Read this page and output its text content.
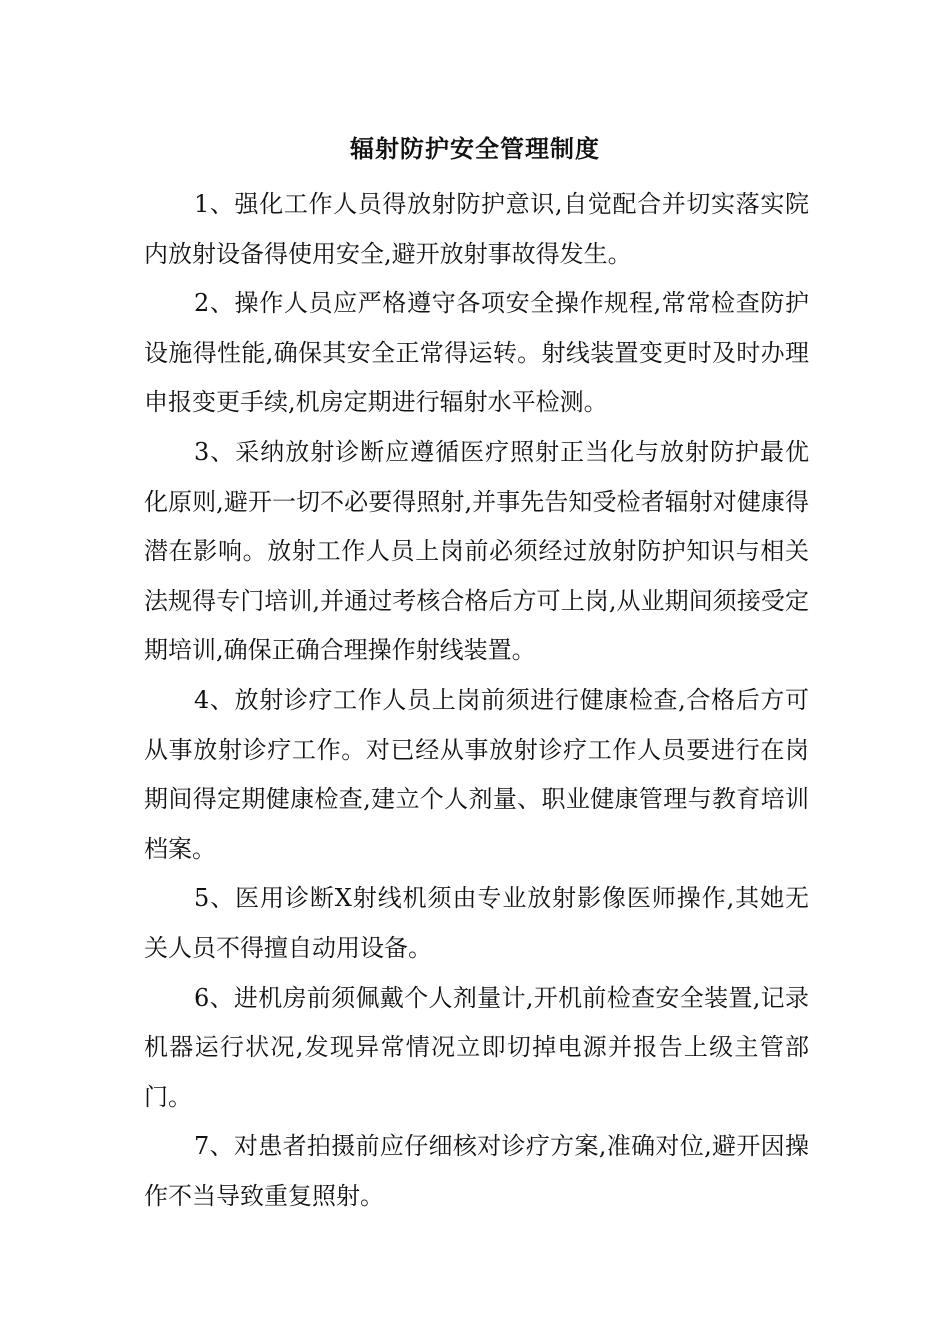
辐射防护安全管理制度

1、强化工作人员得放射防护意识,自觉配合并切实落实院内放射设备得使用安全,避开放射事故得发生。

2、操作人员应严格遵守各项安全操作规程,常常检查防护设施得性能,确保其安全正常得运转。射线装置变更时及时办理申报变更手续,机房定期进行辐射水平检测。

3、采纳放射诊断应遵循医疗照射正当化与放射防护最优化原则,避开一切不必要得照射,并事先告知受检者辐射对健康得潜在影响。放射工作人员上岗前必须经过放射防护知识与相关法规得专门培训,并通过考核合格后方可上岗,从业期间须接受定期培训,确保正确合理操作射线装置。

4、放射诊疗工作人员上岗前须进行健康检查,合格后方可从事放射诊疗工作。对已经从事放射诊疗工作人员要进行在岗期间得定期健康检查,建立个人剂量、职业健康管理与教育培训档案。

5、医用诊断X射线机须由专业放射影像医师操作,其她无关人员不得擅自动用设备。

6、进机房前须佩戴个人剂量计,开机前检查安全装置,记录机器运行状况,发现异常情况立即切掉电源并报告上级主管部门。

7、对患者拍摄前应仔细核对诊疗方案,准确对位,避开因操作不当导致重复照射。
